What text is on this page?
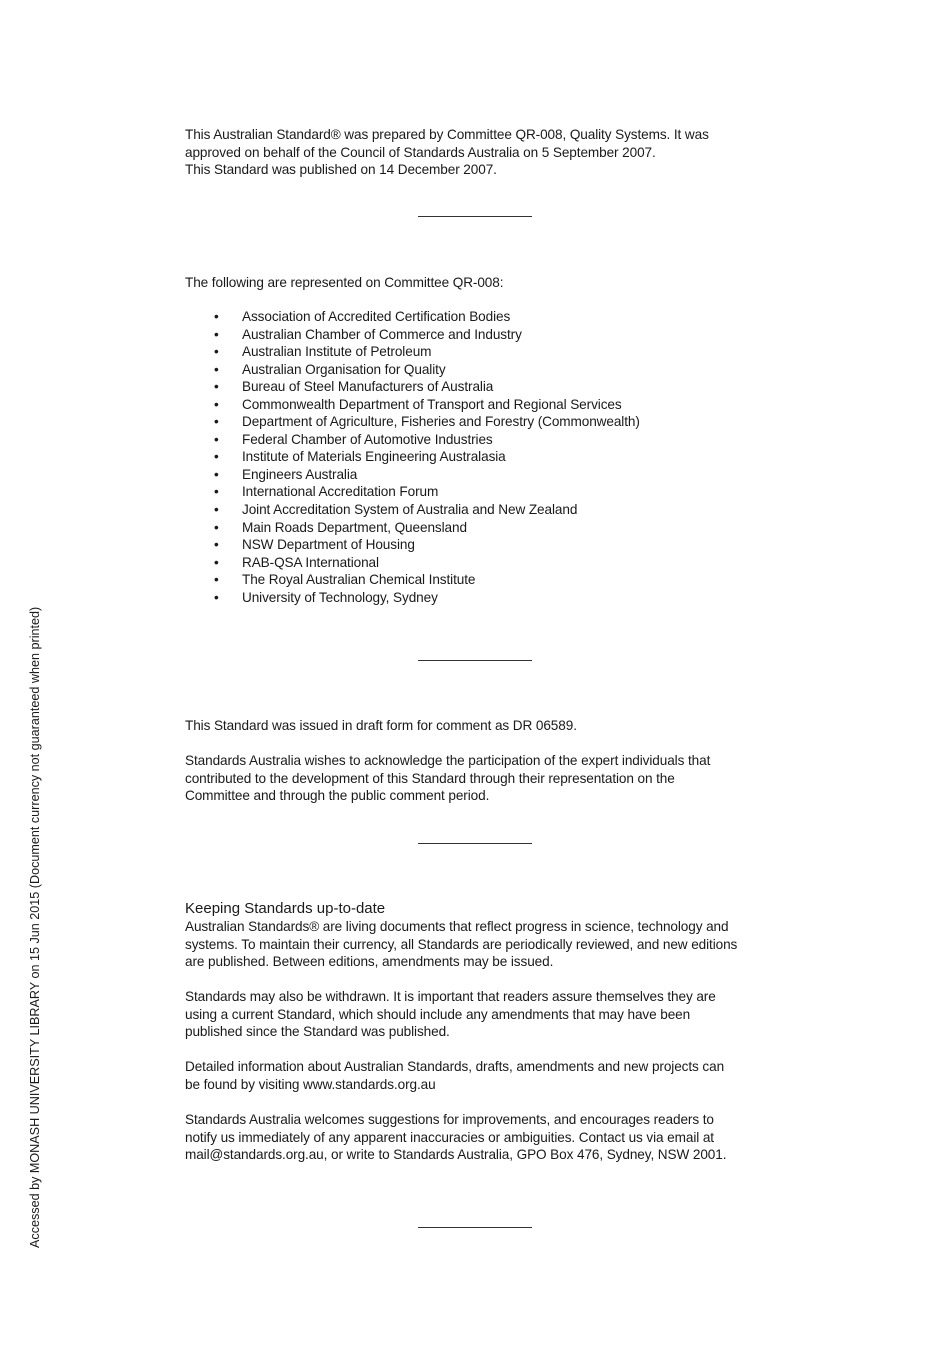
This Australian Standard® was prepared by Committee QR-008, Quality Systems. It was

approved on behalf of the Council of Standards Australia on 5 September 2007.

This Standard was published on 14 December 2007.

The following are represented on Committee QR-008:

• Association of Accredited Certification Bodies
• Australian Chamber of Commerce and Industry
• Australian Institute of Petroleum
• Australian Organisation for Quality
• Bureau of Steel Manufacturers of Australia
• Commonwealth Department of Transport and Regional Services
• Department of Agriculture, Fisheries and Forestry (Commonwealth)
• Federal Chamber of Automotive Industries
• Institute of Materials Engineering Australasia
• Engineers Australia
• International Accreditation Forum
• Joint Accreditation System of Australia and New Zealand
• Main Roads Department, Queensland
• NSW Department of Housing
• RAB-QSA International
• The Royal Australian Chemical Institute
• University of Technology, Sydney

This Standard was issued in draft form for comment as DR 06589.

Standards Australia wishes to acknowledge the participation of the expert individuals that

contributed to the development of this Standard through their representation on the

Committee and through the public comment period.

Keeping Standards up-to-date

Australian Standards® are living documents that reflect progress in science, technology and

systems. To maintain their currency, all Standards are periodically reviewed, and new editions

are published. Between editions, amendments may be issued.

Standards may also be withdrawn. It is important that readers assure themselves they are

using a current Standard, which should include any amendments that may have been

published since the Standard was published.

Detailed information about Australian Standards, drafts, amendments and new projects can

be found by visiting www.standards.org.au

Standards Australia welcomes suggestions for improvements, and encourages readers to

notify us immediately of any apparent inaccuracies or ambiguities. Contact us via email at

mail@standards.org.au, or write to Standards Australia, GPO Box 476, Sydney, NSW 2001.

Accessed by MONASH UNIVERSITY LIBRARY on 15 Jun 2015 (Document currency not guaranteed when printed)
